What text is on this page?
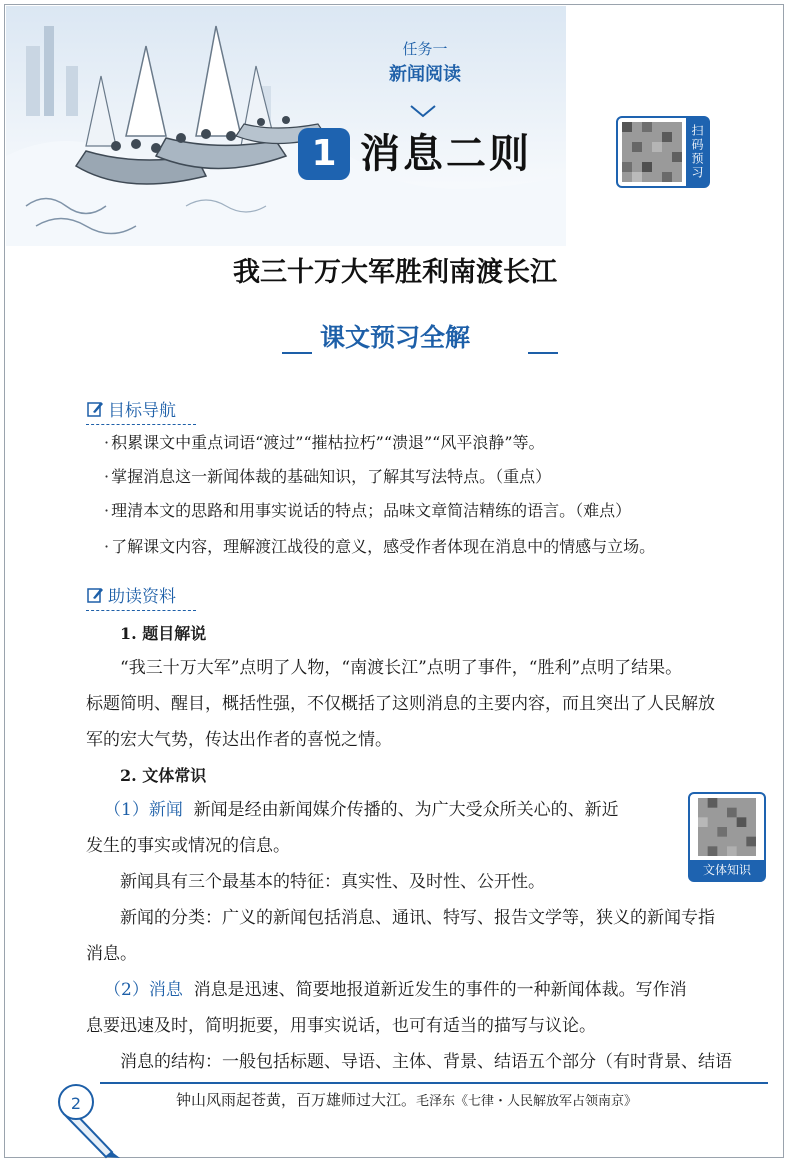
任务一
新闻阅读
1 消息二则	扫码预习
我三十万大军胜利南渡长江
课文预习全解
目标导航
· 积累课文中重点词语“渡过”“摧枯拉朽”“溃退”“风平浪静”等。
· 掌握消息这一新闻体裁的基础知识，了解其写法特点。（重点）
· 理清本文的思路和用事实说话的特点；品味文章简洁精练的语言。（难点）
· 了解课文内容，理解渡江战役的意义，感受作者体现在消息中的情感与立场。
助读资料
1. 题目解说
“我三十万大军”点明了人物，“南渡长江”点明了事件，“胜利”点明了结果。
标题简明、醒目，概括性强，不仅概括了这则消息的主要内容，而且突出了人民解放
军的宏大气势，传达出作者的喜悦之情。
2. 文体常识
（1）新闻 新闻是经由新闻媒介传播的、为广大受众所关心的、新近
发生的事实或情况的信息。
新闻具有三个最基本的特征：真实性、及时性、公开性。
新闻的分类：广义的新闻包括消息、通讯、特写、报告文学等，狭义的新闻专指
消息。
（2）消息 消息是迅速、简要地报道新近发生的事件的一种新闻体裁。写作消
息要迅速及时，简明扼要，用事实说话，也可有适当的描写与议论。
消息的结构：一般包括标题、导语、主体、背景、结语五个部分（有时背景、结语
文体知识
2	钟山风雨起苍黄，百万雄师过大江。毛泽东《七律・人民解放军占领南京》
